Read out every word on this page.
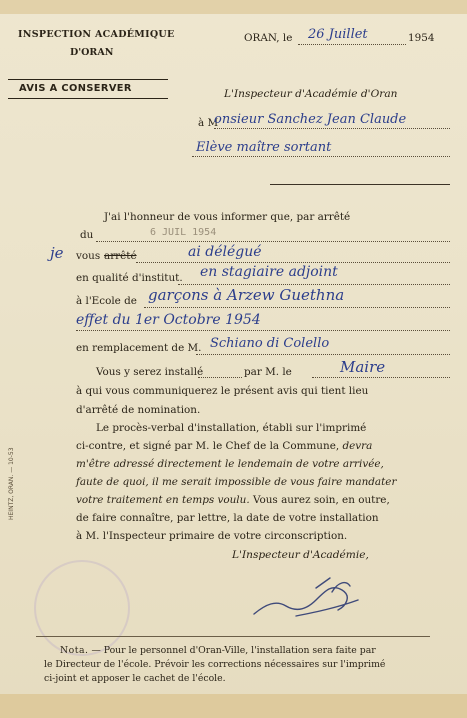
INSPECTION ACADÉMIQUE
D'ORAN
AVIS A CONSERVER
ORAN, le 26 Juillet	1954
L'Inspecteur d'Académie d'Oran
à M
onsieur Sanchez Jean Claude
Elève maître sortant
J'ai l'honneur de vous informer que, par arrêté
du	6 JUIL 1954
je vous arrêté	ai délégué
en qualité d'institut. en stagiaire adjoint
à l'Ecole de garçons à Arzew Guethna
effet du 1er Octobre 1954
en remplacement de M. Schiano di Colello
Vous y serez installé	par M. le	Maire
à qui vous communiquerez le présent avis qui tient lieu
d'arrêté de nomination.
Le procès-verbal d'installation, établi sur l'imprimé
ci-contre, et signé par M. le Chef de la Commune, devra
m'être adressé directement le lendemain de votre arrivée,
faute de quoi, il me serait impossible de vous faire mandater
votre traitement en temps voulu. Vous aurez soin, en outre,
de faire connaître, par lettre, la date de votre installation
à M. l'Inspecteur primaire de votre circonscription.
L'Inspecteur d'Académie,
HEINTZ, ORAN. — 10-53
Nota. — Pour le personnel d'Oran-Ville, l'installation sera faite par
le Directeur de l'école. Prévoir les corrections nécessaires sur l'imprimé
ci-joint et apposer le cachet de l'école.
